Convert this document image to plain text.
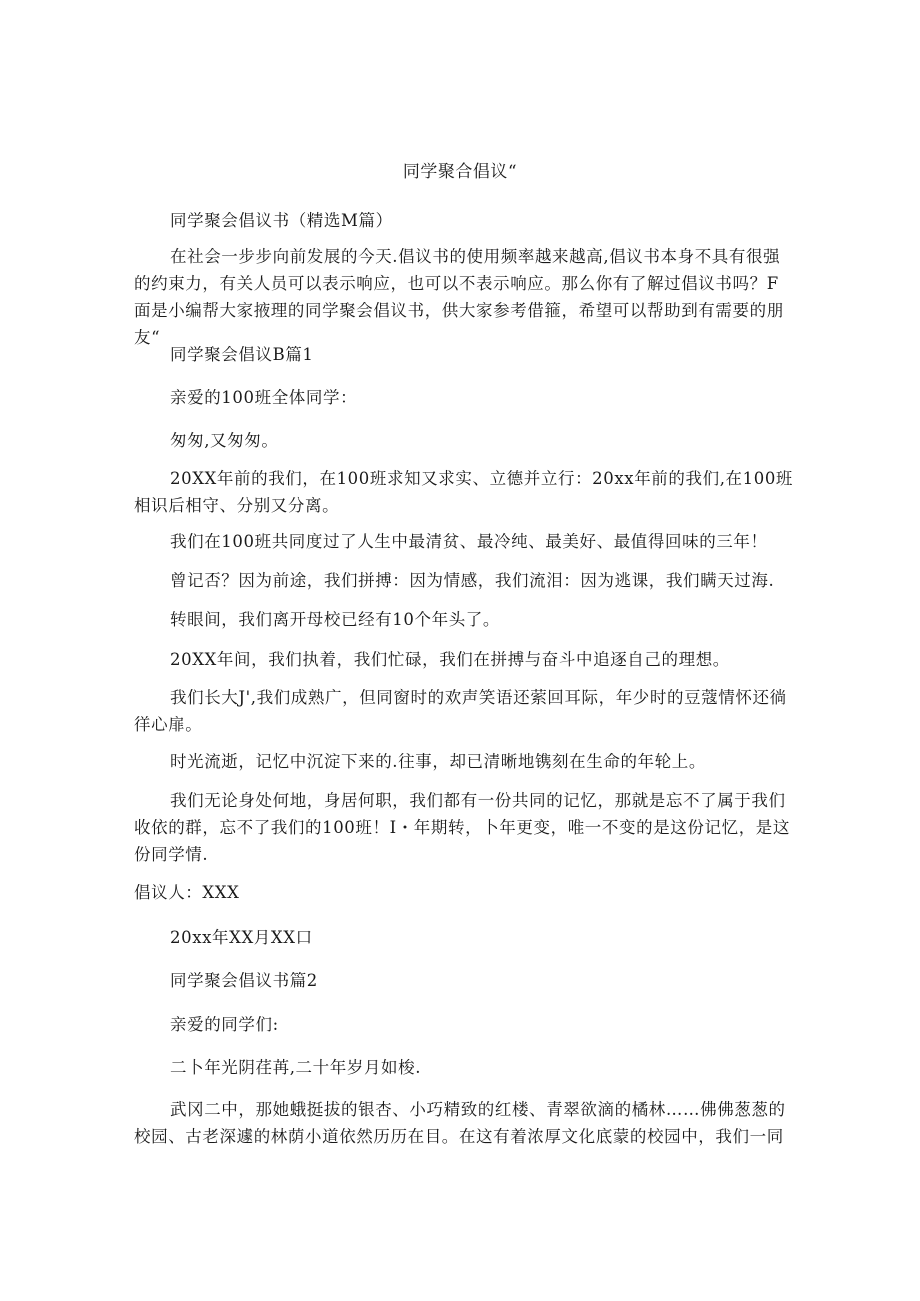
同学聚合倡议“

同学聚会倡议书（精选M篇）

在社会一步步向前发展的今天.倡议书的使用频率越来越高,倡议书本身不具有很强的约束力，有关人员可以表示响应，也可以不表示响应。那么你有了解过倡议书吗？F面是小编帮大家掖理的同学聚会倡议书，供大家参考借箍，希望可以帮助到有需要的朋友“

同学聚会倡议B篇1

亲爱的100班全体同学：

匆匆,又匆匆。

20XX年前的我们，在100班求知又求实、立德并立行：20xx年前的我们,在100班相识后相守、分别又分离。

我们在100班共同度过了人生中最清贫、最冷纯、最美好、最值得回味的三年！

曾记否？因为前途，我们拼搏：因为情感，我们流泪：因为逃课，我们瞒天过海.

转眼间，我们离开母校已经有10个年头了。

20XX年间，我们执着，我们忙碌，我们在拼搏与奋斗中追逐自己的理想。

我们长大J',我们成熟广，但同窗时的欢声笑语还萦回耳际，年少时的豆蔻情怀还徜徉心扉。

时光流逝，记忆中沉淀下来的.往事，却已清晰地镌刻在生命的年轮上。

我们无论身处何地，身居何职，我们都有一份共同的记忆，那就是忘不了属于我们收依的群，忘不了我们的100班！I・年期转，卜年更变，唯一不变的是这份记忆，是这份同学情.

倡议人：XXX

20xx年XX月XX口

同学聚会倡议书篇2

亲爱的同学们:

二卜年光阴荏苒,二十年岁月如梭.

武冈二中，那她蛾挺拔的银杏、小巧精致的红楼、青翠欲滴的橘林……佛佛葱葱的校园、古老深遽的林荫小道依然历历在目。在这有着浓厚文化底蒙的校园中，我们一同
